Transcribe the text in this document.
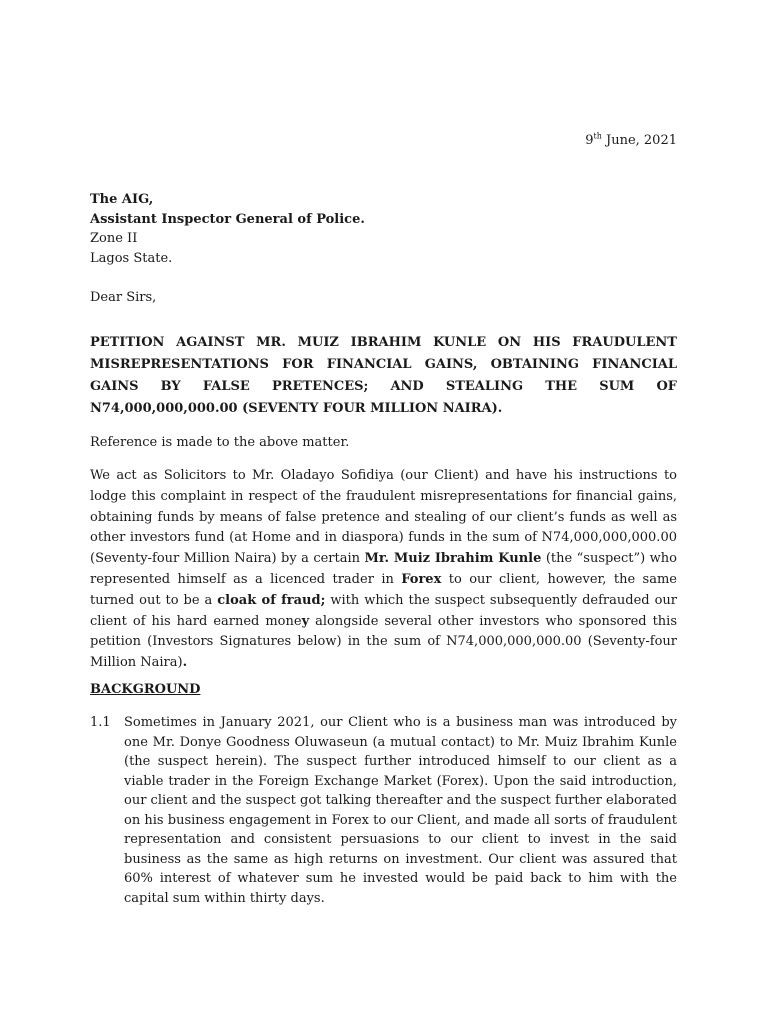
9th June, 2021
The AIG,
Assistant Inspector General of Police.
Zone II
Lagos State.
Dear Sirs,
PETITION AGAINST MR. MUIZ IBRAHIM KUNLE ON HIS FRAUDULENT MISREPRESENTATIONS FOR FINANCIAL GAINS, OBTAINING FINANCIAL GAINS BY FALSE PRETENCES; AND STEALING THE SUM OF N74,000,000,000.00 (SEVENTY FOUR MILLION NAIRA).
Reference is made to the above matter.
We act as Solicitors to Mr. Oladayo Sofidiya (our Client) and have his instructions to lodge this complaint in respect of the fraudulent misrepresentations for financial gains, obtaining funds by means of false pretence and stealing of our client’s funds as well as other investors fund (at Home and in diaspora) funds in the sum of N74,000,000,000.00 (Seventy-four Million Naira) by a certain Mr. Muiz Ibrahim Kunle (the “suspect”) who represented himself as a licenced trader in Forex to our client, however, the same turned out to be a cloak of fraud; with which the suspect subsequently defrauded our client of his hard earned money alongside several other investors who sponsored this petition (Investors Signatures below) in the sum of N74,000,000,000.00 (Seventy-four Million Naira).
BACKGROUND
1.1 Sometimes in January 2021, our Client who is a business man was introduced by one Mr. Donye Goodness Oluwaseun (a mutual contact) to Mr. Muiz Ibrahim Kunle (the suspect herein). The suspect further introduced himself to our client as a viable trader in the Foreign Exchange Market (Forex). Upon the said introduction, our client and the suspect got talking thereafter and the suspect further elaborated on his business engagement in Forex to our Client, and made all sorts of fraudulent representation and consistent persuasions to our client to invest in the said business as the same as high returns on investment. Our client was assured that 60% interest of whatever sum he invested would be paid back to him with the capital sum within thirty days.
